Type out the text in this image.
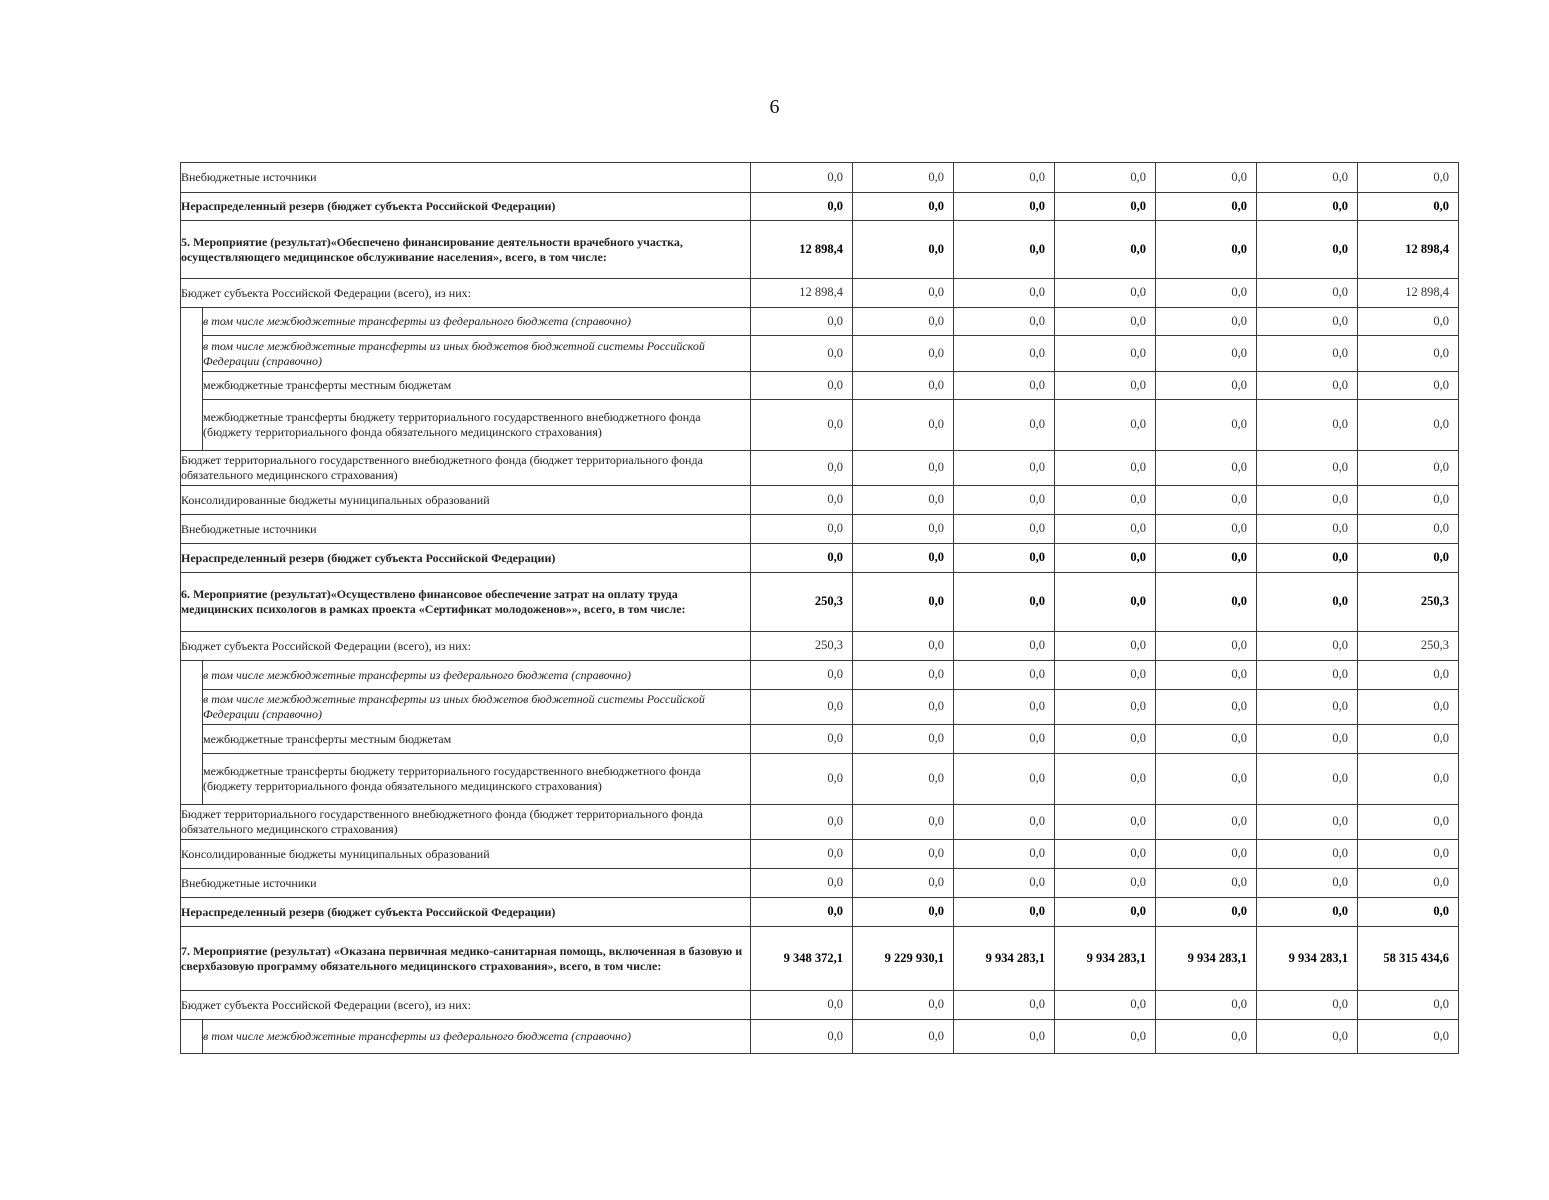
6
Внебюджетные источники		0,0	0,0	0,0	0,0	0,0	0,0	0,0
Нераспределенный резерв (бюджет субъекта Российской Федерации)		0,0	0,0	0,0	0,0	0,0	0,0	0,0
5. Мероприятие (результат)«Обеспечено финансирование деятельности врачебного участка, осуществляющего медицинское обслуживание населения», всего, в том числе:		12 898,4	0,0	0,0	0,0	0,0	0,0	12 898,4
Бюджет субъекта Российской Федерации (всего), из них:		12 898,4	0,0	0,0	0,0	0,0	0,0	12 898,4
	в том числе межбюджетные трансферты из федерального бюджета (справочно)	0,0	0,0	0,0	0,0	0,0	0,0	0,0
	в том числе межбюджетные трансферты из иных бюджетов бюджетной системы Российской Федерации (справочно)	0,0	0,0	0,0	0,0	0,0	0,0	0,0
	межбюджетные трансферты местным бюджетам	0,0	0,0	0,0	0,0	0,0	0,0	0,0
	межбюджетные трансферты бюджету территориального государственного внебюджетного фонда (бюджету территориального фонда обязательного медицинского страхования)	0,0	0,0	0,0	0,0	0,0	0,0	0,0
Бюджет территориального государственного внебюджетного фонда (бюджет территориального фонда обязательного медицинского страхования)		0,0	0,0	0,0	0,0	0,0	0,0	0,0
Консолидированные бюджеты муниципальных образований		0,0	0,0	0,0	0,0	0,0	0,0	0,0
Внебюджетные источники		0,0	0,0	0,0	0,0	0,0	0,0	0,0
Нераспределенный резерв (бюджет субъекта Российской Федерации)		0,0	0,0	0,0	0,0	0,0	0,0	0,0
6. Мероприятие (результат)«Осуществлено финансовое обеспечение затрат на оплату труда медицинских психологов в рамках проекта «Сертификат молодоженов»», всего, в том числе:		250,3	0,0	0,0	0,0	0,0	0,0	250,3
Бюджет субъекта Российской Федерации (всего), из них:		250,3	0,0	0,0	0,0	0,0	0,0	250,3
	в том числе межбюджетные трансферты из федерального бюджета (справочно)	0,0	0,0	0,0	0,0	0,0	0,0	0,0
	в том числе межбюджетные трансферты из иных бюджетов бюджетной системы Российской Федерации (справочно)	0,0	0,0	0,0	0,0	0,0	0,0	0,0
	межбюджетные трансферты местным бюджетам	0,0	0,0	0,0	0,0	0,0	0,0	0,0
	межбюджетные трансферты бюджету территориального государственного внебюджетного фонда (бюджету территориального фонда обязательного медицинского страхования)	0,0	0,0	0,0	0,0	0,0	0,0	0,0
Бюджет территориального государственного внебюджетного фонда (бюджет территориального фонда обязательного медицинского страхования)		0,0	0,0	0,0	0,0	0,0	0,0	0,0
Консолидированные бюджеты муниципальных образований		0,0	0,0	0,0	0,0	0,0	0,0	0,0
Внебюджетные источники		0,0	0,0	0,0	0,0	0,0	0,0	0,0
Нераспределенный резерв (бюджет субъекта Российской Федерации)		0,0	0,0	0,0	0,0	0,0	0,0	0,0
7. Мероприятие (результат) «Оказана первичная медико-санитарная помощь, включенная в базовую и сверхбазовую программу обязательного медицинского страхования», всего, в том числе:		9 348 372,1	9 229 930,1	9 934 283,1	9 934 283,1	9 934 283,1	9 934 283,1	58 315 434,6
Бюджет субъекта Российской Федерации (всего), из них:		0,0	0,0	0,0	0,0	0,0	0,0	0,0
	в том числе межбюджетные трансферты из федерального бюджета (справочно)	0,0	0,0	0,0	0,0	0,0	0,0	0,0
